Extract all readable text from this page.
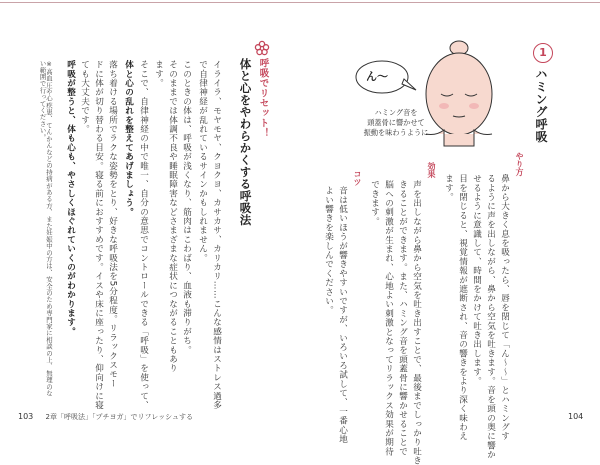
呼吸でリセット！
体と心をやわらかくする呼吸法
イライラ、モヤモヤ、クヨクヨ、カサカサ、カリカリ……こんな感情はストレス過多
で自律神経が乱れているサインかもしれません。
このときの体は、呼吸が浅くなり、筋肉はこわばり、血液も滞りがち。
そのままでは体調不良や睡眠障害などさまざまな症状につながることもあり
ます。
そこで、自律神経の中で唯一、自分の意思でコントロールできる「呼吸」を使って、
体と心の乱れを整えてあげましょう。
落ち着ける場所でラクな姿勢をとり、好きな呼吸法を5分程度。リラックスモー
ドに体が切り替わる目安。寝る前におすすめです。イスや床に座ったり、仰向けに寝
ても大丈夫です。
呼吸が整うと、体も心も、やさしくほぐれていくのがわかります。
※高血圧や心疾患、てんかんなどの持病がある方、また妊娠中の方は、安全のため専門家に相談の上、無理のない範囲で行ってください。
103 2章「呼吸法」「プチヨガ」でリフレッシュする
1
ハミング呼吸
ん〜
ハミング音を
頭蓋骨に響かせて
振動を味わうように
やり方
鼻から大きく息を吸ったら、唇を閉じて「ん〜〜」とハミングす
るように声を出しながら、鼻から空気を吐きます。音を頭の奥に響か
せるように意識して、時間をかけて吐き出します。
目を閉じると、視覚情報が遮断され、音の響きをより深く味わえ
ます。
効果
声を出しながら鼻から空気を吐き出すことで、最後までしっかり吐き
きることができます。また、ハミング音を頭蓋骨に響かせることで
脳への刺激が生まれ、心地よい刺激となってリラックス効果が期待
できます。
コツ
音は低いほうが響きやすいですが、いろいろ試して、一番心地
よい響きを楽しんでください。
104
